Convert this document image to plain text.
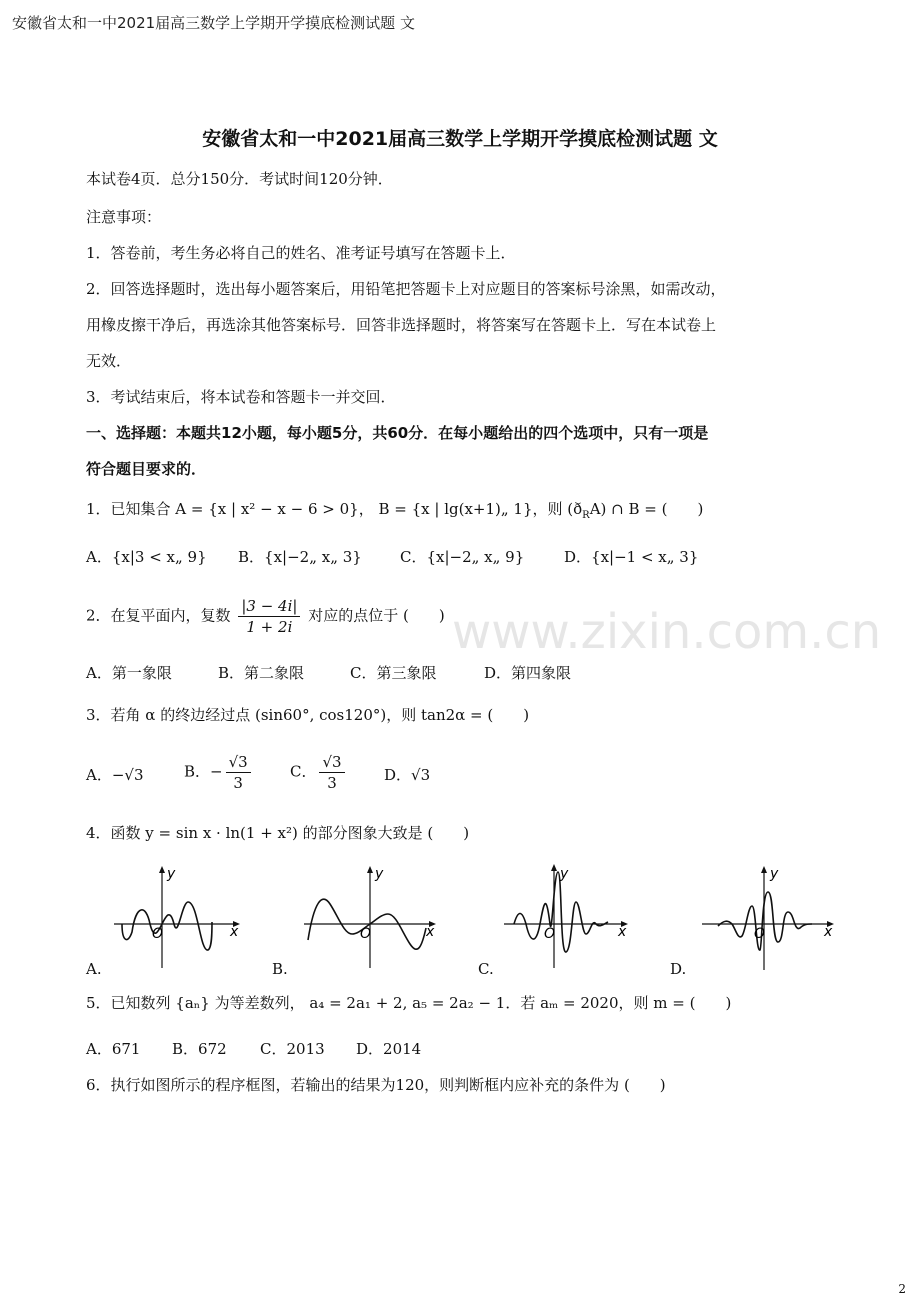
安徽省太和一中2021届高三数学上学期开学摸底检测试题 文
安徽省太和一中2021届高三数学上学期开学摸底检测试题 文
本试卷4页．总分150分．考试时间120分钟．
注意事项：
1．答卷前，考生务必将自己的姓名、准考证号填写在答题卡上．
2．回答选择题时，选出每小题答案后，用铅笔把答题卡上对应题目的答案标号涂黑，如需改动，
用橡皮擦干净后，再选涂其他答案标号．回答非选择题时，将答案写在答题卡上．写在本试卷上
无效．
3．考试结束后，将本试卷和答题卡一并交回．
一、选择题：本题共12小题，每小题5分，共60分．在每小题给出的四个选项中，只有一项是
符合题目要求的．
1．已知集合 A = {x | x² − x − 6 > 0}， B = {x | lg(x+1)„ 1}，则 $(ð_RA)$ ∩ B = (　　)
A．{x|3 < x„ 9} B．{x|−2„ x„ 3}	C．{x|−2„ x„ 9}	D．{x|−1 < x„ 3}
2．在复平面内，复数 $\frac{|3 - 4i|}{1 + 2i}$ 对应的点位于 (　　)
A．第一象限	B．第二象限	C．第三象限	D．第四象限
3．若角 α 的终边经过点 (sin60°, cos120°)，则 tan2α = (　　)
A．−√3	B．− $\frac{√3}{3}$	C． $\frac{√3}{3}$	D．√3
4．函数 y = sin x · ln(1 + x²) 的部分图象大致是 (　　)
x
y
O
A.
x
y
O
B.
x
y
O
C.
x
y
O
D.
5．已知数列 {aₙ} 为等差数列， a₄ = 2a₁ + 2, a₅ = 2a₂ − 1．若 aₘ = 2020，则 m = (　　)
A．671 B．672 C．2013 D．2014
6．执行如图所示的程序框图，若输出的结果为120，则判断框内应补充的条件为 (　　)
www.zixin.com.cn
2
